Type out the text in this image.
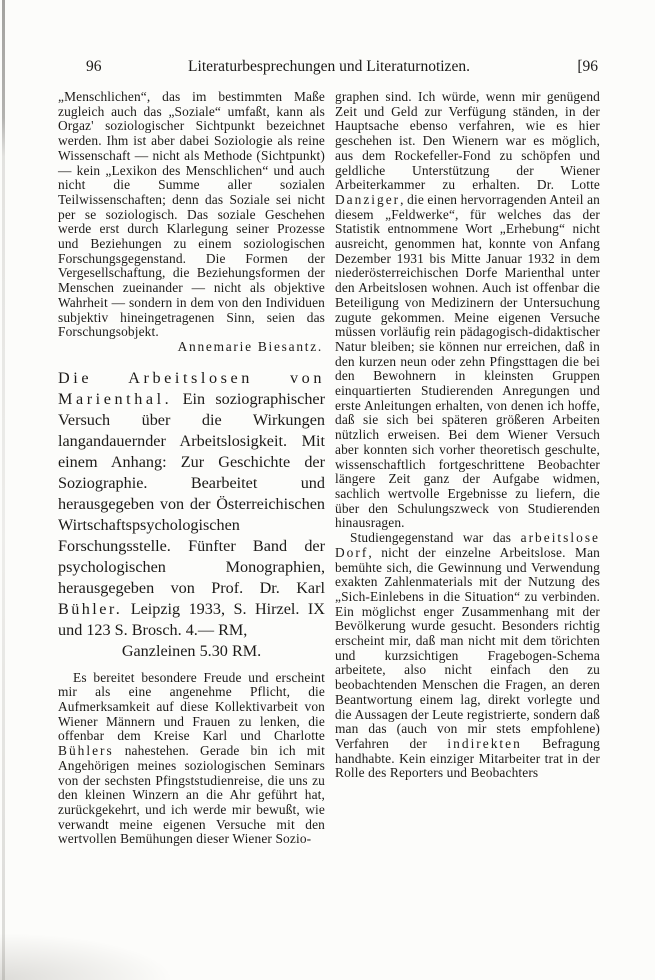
96	Literaturbesprechungen und Literaturnotizen.	[96

„Menschlichen“, das im bestimmten Maße zugleich auch das „Soziale“ umfaßt, kann als Orgaz' soziologischer Sichtpunkt bezeichnet werden. Ihm ist aber dabei Soziologie als reine Wissenschaft — nicht als Methode (Sichtpunkt) — kein „Lexikon des Menschlichen“ und auch nicht die Summe aller sozialen Teilwissenschaften; denn das Soziale sei nicht per se soziologisch. Das soziale Geschehen werde erst durch Klarlegung seiner Prozesse und Beziehungen zu einem soziologischen Forschungsgegenstand. Die Formen der Vergesellschaftung, die Beziehungsformen der Menschen zueinander — nicht als objektive Wahrheit — sondern in dem von den Individuen subjektiv hineingetragenen Sinn, seien das Forschungsobjekt.

Annemarie Biesantz.

Die Arbeitslosen von Marienthal. Ein soziographischer Versuch über die Wirkungen langandauernder Arbeitslosigkeit. Mit einem Anhang: Zur Geschichte der Soziographie. Bearbeitet und herausgegeben von der Österreichischen Wirtschaftspsychologischen Forschungsstelle. Fünfter Band der psychologischen Monographien, herausgegeben von Prof. Dr. Karl Bühler. Leipzig 1933, S. Hirzel. IX und 123 S. Brosch. 4.— RM,

Ganzleinen 5.30 RM.

Es bereitet besondere Freude und erscheint mir als eine angenehme Pflicht, die Aufmerksamkeit auf diese Kollektivarbeit von Wiener Männern und Frauen zu lenken, die offenbar dem Kreise Karl und Charlotte Bühlers nahestehen. Gerade bin ich mit Angehörigen meines soziologischen Seminars von der sechsten Pfingststudienreise, die uns zu den kleinen Winzern an die Ahr geführt hat, zurückgekehrt, und ich werde mir bewußt, wie verwandt meine eigenen Versuche mit den wertvollen Bemühungen dieser Wiener Sozio-

graphen sind. Ich würde, wenn mir genügend Zeit und Geld zur Verfügung ständen, in der Hauptsache ebenso verfahren, wie es hier geschehen ist. Den Wienern war es möglich, aus dem Rockefeller-Fond zu schöpfen und geldliche Unterstützung der Wiener Arbeiterkammer zu erhalten. Dr. Lotte Danziger, die einen hervorragenden Anteil an diesem „Feldwerke“, für welches das der Statistik entnommene Wort „Erhebung“ nicht ausreicht, genommen hat, konnte von Anfang Dezember 1931 bis Mitte Januar 1932 in dem niederösterreichischen Dorfe Marienthal unter den Arbeitslosen wohnen. Auch ist offenbar die Beteiligung von Medizinern der Untersuchung zugute gekommen. Meine eigenen Versuche müssen vorläufig rein pädagogisch-didaktischer Natur bleiben; sie können nur erreichen, daß in den kurzen neun oder zehn Pfingsttagen die bei den Bewohnern in kleinsten Gruppen einquartierten Studierenden Anregungen und erste Anleitungen erhalten, von denen ich hoffe, daß sie sich bei späteren größeren Arbeiten nützlich erweisen. Bei dem Wiener Versuch aber konnten sich vorher theoretisch geschulte, wissenschaftlich fortgeschrittene Beobachter längere Zeit ganz der Aufgabe widmen, sachlich wertvolle Ergebnisse zu liefern, die über den Schulungszweck von Studierenden hinausragen.

Studiengegenstand war das arbeitslose Dorf, nicht der einzelne Arbeitslose. Man bemühte sich, die Gewinnung und Verwendung exakten Zahlenmaterials mit der Nutzung des „Sich-Einlebens in die Situation“ zu verbinden. Ein möglichst enger Zusammenhang mit der Bevölkerung wurde gesucht. Besonders richtig erscheint mir, daß man nicht mit dem törichten und kurzsichtigen Fragebogen-Schema arbeitete, also nicht einfach den zu beobachtenden Menschen die Fragen, an deren Beantwortung einem lag, direkt vorlegte und die Aussagen der Leute registrierte, sondern daß man das (auch von mir stets empfohlene) Verfahren der indirekten Befragung handhabte. Kein einziger Mitarbeiter trat in der Rolle des Reporters und Beobachters
